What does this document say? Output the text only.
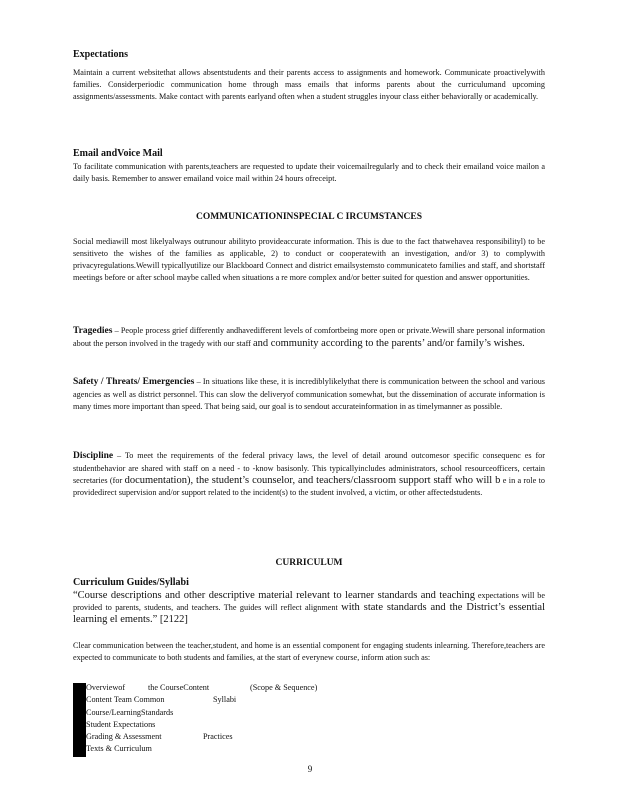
Expectations
Maintain a current websitethat allows absentstudents and their parents access to assignments and homework. Communicate proactivelywith families. Considerperiodic communication home through mass emails that informs parents about the curriculumand upcoming assignments/assessments. Make contact with parents earlyand often when a student struggles inyour class either behaviorally or academically.
Email andVoice Mail
To facilitate communication with parents,teachers are requested to update their voicemailregularly and to check their emailand voice mailon a daily basis. Remember to answer emailand voice mail within 24 hours ofreceipt.
COMMUNICATIONINSPECIAL C IRCUMSTANCES
Social mediawill most likelyalways outrunour abilityto provideaccurate information. This is due to the fact thatwehavea responsibilityl) to be sensitiveto the wishes of the families as applicable, 2) to conduct or cooperatewith an investigation, and/or 3) to complywith privacyregulations.Wewill typicallyutilize our Blackboard Connect and district emailsystemsto communicateto families and staff, and shortstaff meetings before or after school maybe called when situations a re more complex and/or better suited for question and answer opportunities.
Tragedies – People process grief differently andhavedifferent levels of comfortbeing more open or private.Wewill share personal information about the person involved in the tragedy with our staff and community according to the parents’ and/or family’s wishes.
Safety / Threats/ Emergencies – In situations like these, it is incrediblylikelythat there is communication between the school and various agencies as well as district personnel. This can slow the deliveryof communication somewhat, but the dissemination of accurate information is many times more important than speed. That being said, our goal is to sendout accurateinformation in as timelymanner as possible.
Discipline – To meet the requirements of the federal privacy laws, the level of detail around outcomesor specific consequenc es for studentbehavior are shared with staff on a need - to -know basisonly. This typicallyincludes administrators, school resourceofficers, certain secretaries (for documentation), the student’s counselor, and teachers/classroom support staff who will b e in a role to providedirect supervision and/or support related to the incident(s) to the student involved, a victim, or other affectedstudents.
CURRICULUM
Curriculum Guides/Syllabi
“Course descriptions and other descriptive material relevant to learner standards and teaching expectations will be provided to parents, students, and teachers. The guides will reflect alignment with state standards and the District’s essential learning el ements.” [2122]
Clear communication between the teacher,student, and home is an essential component for engaging students inlearning. Therefore,teachers are expected to communicate to both students and families, at the start of everynew course, inform ation such as:
Overviewof	the CourseContent	(Scope & Sequence)
Content Team Common	Syllabi
Course/LearningStandards
Student Expectations
Grading & Assessment	Practices
Texts & Curriculum
9
